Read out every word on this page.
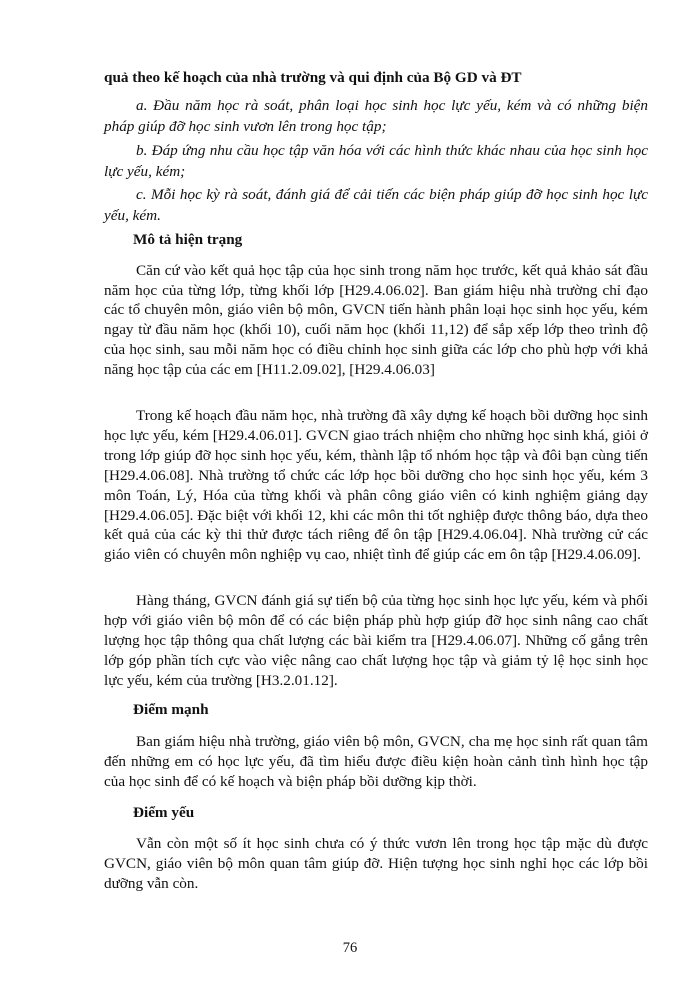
quả theo kế hoạch của nhà trường và qui định của Bộ GD và ĐT

a. Đầu năm học rà soát, phân loại học sinh học lực yếu, kém và có những biện pháp giúp đỡ học sinh vươn lên trong học tập;

b. Đáp ứng nhu cầu học tập văn hóa với các hình thức khác nhau của học sinh học lực yếu, kém;

c. Mỗi học kỳ rà soát, đánh giá để cải tiến các biện pháp giúp đỡ học sinh học lực yếu, kém.

Mô tả hiện trạng

Căn cứ vào kết quả học tập của học sinh trong năm học trước, kết quả khảo sát đầu năm học của từng lớp, từng khối lớp [H29.4.06.02]. Ban giám hiệu nhà trường chỉ đạo các tổ chuyên môn, giáo viên bộ môn, GVCN tiến hành phân loại học sinh học yếu, kém ngay từ đầu năm học (khối 10), cuối năm học (khối 11,12) để sắp xếp lớp theo trình độ của học sinh, sau mỗi năm học có điều chỉnh học sinh giữa các lớp cho phù hợp với khả năng học tập của các em [H11.2.09.02], [H29.4.06.03]

Trong kế hoạch đầu năm học, nhà trường đã xây dựng kế hoạch bồi dưỡng học sinh học lực yếu, kém [H29.4.06.01]. GVCN giao trách nhiệm cho những học sinh khá, giỏi ở trong lớp giúp đỡ học sinh học yếu, kém, thành lập tổ nhóm học tập và đôi bạn cùng tiến [H29.4.06.08]. Nhà trường tổ chức các lớp học bồi dưỡng cho học sinh học yếu, kém 3 môn Toán, Lý, Hóa của từng khối và phân công giáo viên có kinh nghiệm giảng dạy [H29.4.06.05]. Đặc biệt với khối 12, khi các môn thi tốt nghiệp được thông báo, dựa theo kết quả của các kỳ thi thử được tách riêng để ôn tập [H29.4.06.04]. Nhà trường cử các giáo viên có chuyên môn nghiệp vụ cao, nhiệt tình để giúp các em ôn tập [H29.4.06.09].

Hàng tháng, GVCN đánh giá sự tiến bộ của từng học sinh học lực yếu, kém và phối hợp với giáo viên bộ môn để có các biện pháp phù hợp giúp đỡ học sinh nâng cao chất lượng học tập thông qua chất lượng các bài kiểm tra [H29.4.06.07]. Những cố gắng trên lớp góp phần tích cực vào việc nâng cao chất lượng học tập và giảm tỷ lệ học sinh học lực yếu, kém của trường [H3.2.01.12].

Điểm mạnh

Ban giám hiệu nhà trường, giáo viên bộ môn, GVCN, cha mẹ học sinh rất quan tâm đến những em có học lực yếu, đã tìm hiểu được điều kiện hoàn cảnh tình hình học tập của học sinh để có kế hoạch và biện pháp bồi dưỡng kịp thời.

Điểm yếu

Vẫn còn một số ít học sinh chưa có ý thức vươn lên trong học tập mặc dù được GVCN, giáo viên bộ môn quan tâm giúp đỡ. Hiện tượng học sinh nghỉ học các lớp bồi dưỡng vẫn còn.

76
